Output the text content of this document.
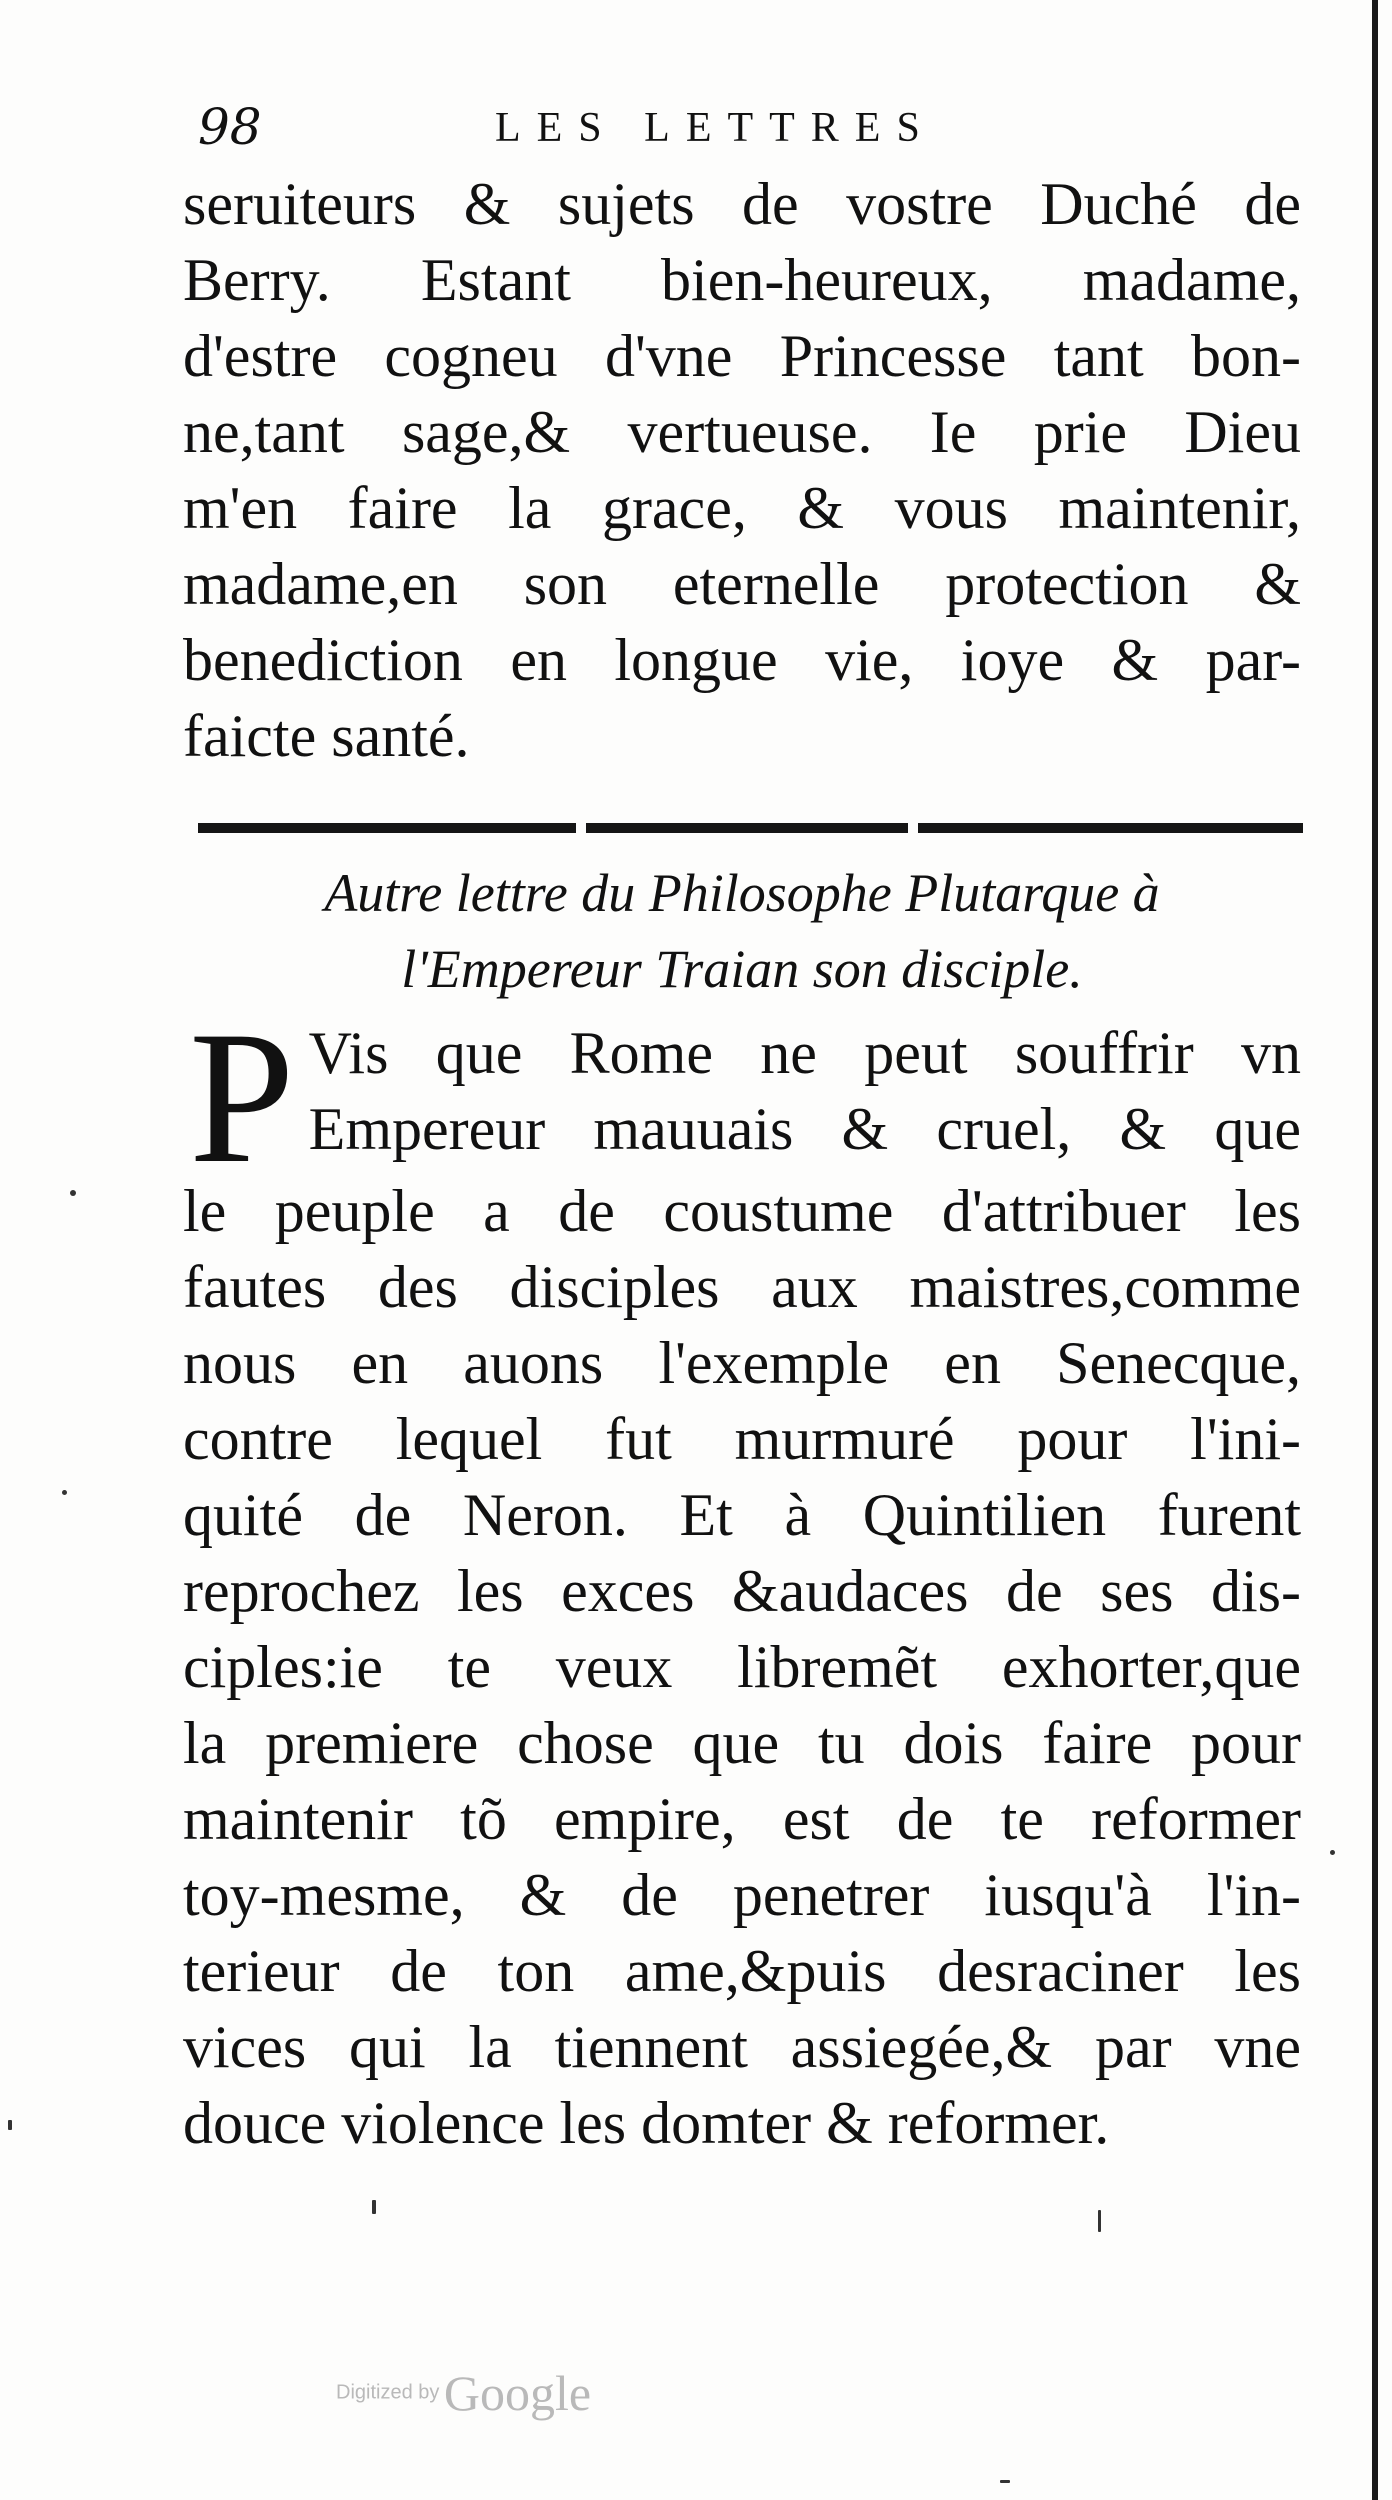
98	LES LETTRES
seruiteurs & sujets de vostre Duché de
Berry. Estant bien-heureux, madame,
d'estre cogneu d'vne Princesse tant bon-
ne,tant sage,& vertueuse. Ie prie Dieu
m'en faire la grace, & vous maintenir,
madame,en son eternelle protection &
benediction en longue vie, ioye & par-
faicte santé.
Autre lettre du Philosophe Plutarque à
l'Empereur Traian son disciple.
P Vis que Rome ne peut souffrir vn
Empereur mauuais & cruel, & que
le peuple a de coustume d'attribuer les
fautes des disciples aux maistres,comme
nous en auons l'exemple en Senecque,
contre lequel fut murmuré pour l'ini-
quité de Neron. Et à Quintilien furent
reprochez les exces &audaces de ses dis-
ciples:ie te veux libremẽt exhorter,que
la premiere chose que tu dois faire pour
maintenir tõ empire, est de te reformer
toy-mesme, & de penetrer iusqu'à l'in-
terieur de ton ame,&puis desraciner les
vices qui la tiennent assiegée,& par vne
douce violence les domter & reformer.
Digitized by Google
